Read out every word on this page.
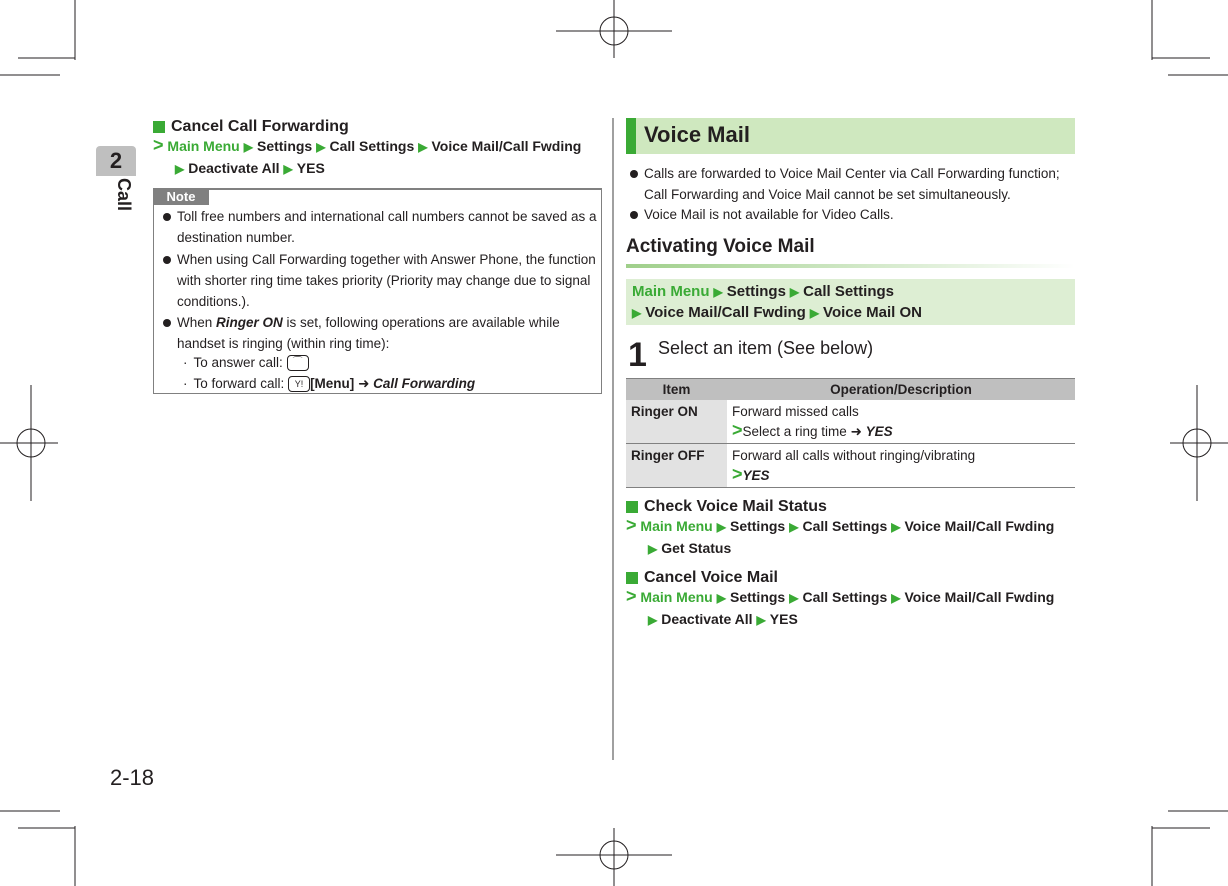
2
Call
2-18
Cancel Call Forwarding
> Main Menu ▶ Settings ▶ Call Settings ▶ Voice Mail/Call Fwding
▶ Deactivate All ▶ YES
Note
Toll free numbers and international call numbers cannot be saved as a destination number.
When using Call Forwarding together with Answer Phone, the function with shorter ring time takes priority (Priority may change due to signal conditions.).
When Ringer ON is set, following operations are available while handset is ringing (within ring time):
· To answer call: ⌒
· To forward call: Y! [Menu] ➜ Call Forwarding
Voice Mail
Calls are forwarded to Voice Mail Center via Call Forwarding function; Call Forwarding and Voice Mail cannot be set simultaneously.
Voice Mail is not available for Video Calls.
Activating Voice Mail
Main Menu ▶ Settings ▶ Call Settings
▶ Voice Mail/Call Fwding ▶ Voice Mail ON
1 Select an item (See below)
Item	Operation/Description
Ringer ON	Forward missed calls
>Select a ring time ➜ YES

Ringer OFF	Forward all calls without ringing/vibrating
>YES
Check Voice Mail Status
> Main Menu ▶ Settings ▶ Call Settings ▶ Voice Mail/Call Fwding
▶ Get Status
Cancel Voice Mail
> Main Menu ▶ Settings ▶ Call Settings ▶ Voice Mail/Call Fwding
▶ Deactivate All ▶ YES
